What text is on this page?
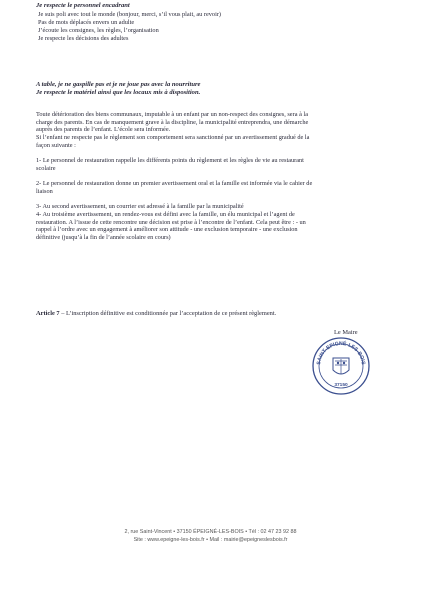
Je respecte le personnel encadrant
Je suis poli avec tout le monde (bonjour, merci, s’il vous plait, au revoir)
Pas de mots déplacés envers un adulte
J’écoute les consignes, les règles, l’organisation
Je respecte les décisions des adultes
A table, je ne gaspille pas et je ne joue pas avec la nourriture
Je respecte le matériel ainsi que les locaux mis à disposition.
Toute détérioration des biens communaux, imputable à un enfant par un non-respect des consignes, sera à la
charge des parents. En cas de manquement grave à la discipline, la municipalité entreprendra, une démarche
auprès des parents de l’enfant. L’école sera informée.
Si l’enfant ne respecte pas le règlement son comportement sera sanctionné par un avertissement gradué de la
façon suivante :
1- Le personnel de restauration rappelle les différents points du règlement et les règles de vie au restaurant
scolaire
2- Le personnel de restauration donne un premier avertissement oral et la famille est informée via le cahier de
liaison
3- Au second avertissement, un courrier est adressé à la famille par la municipalité
4- Au troisième avertissement, un rendez-vous est défini avec la famille, un élu municipal et l’agent de
restauration. A l’issue de cette rencontre une décision est prise à l’encontre de l’enfant. Cela peut être : - un
rappel à l’ordre avec un engagement à améliorer son attitude - une exclusion temporaire - une exclusion
définitive (jusqu’à la fin de l’année scolaire en cours)
Article 7 – L’inscription définitive est conditionnée par l’acceptation de ce présent règlement.
Le Maire
SAINT-EPIGNÉ-LES-BOIS
37150
2, rue Saint-Vincent • 37150 ÉPEIGNÉ-LES-BOIS • Tél : 02 47 23 92 88
Site : www.epeigne-les-bois.fr • Mail : mairie@epeigneslesbois.fr
